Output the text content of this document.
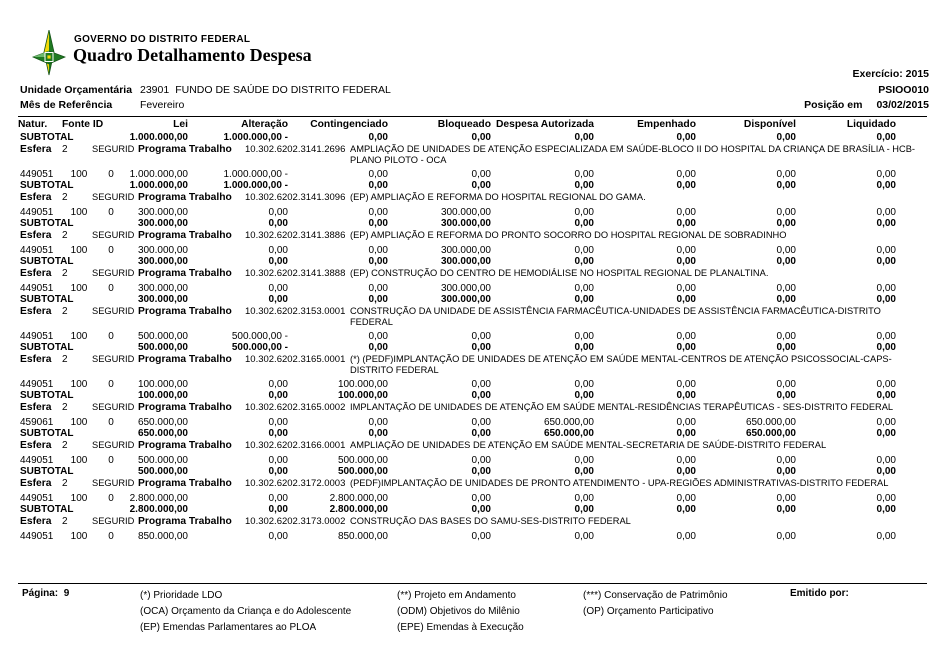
GOVERNO DO DISTRITO FEDERAL
Quadro Detalhamento Despesa
Exercício: 2015
Unidade Orçamentária 23901 FUNDO DE SAÚDE DO DISTRITO FEDERAL	PSIOO010
Mês de Referência	Fevereiro	Posição em 03/02/2015
Natur.	Fonte ID	Lei	Alteração	Contingenciado	Bloqueado Despesa Autorizada	Empenhado	Disponível	Liquidado
SUBTOTAL	1.000.000,00	1.000.000,00 -	0,00	0,00	0,00	0,00	0,00	0,00
Esfera	2	SEGURID Programa Trabalho	10.302.6202.3141.2696 AMPLIAÇÃO DE UNIDADES DE ATENÇÃO ESPECIALIZADA EM SAÚDE-BLOCO II DO HOSPITAL DA CRIANÇA DE BRASÍLIA - HCB- PLANO PILOTO - OCA
449051	100	0	1.000.000,00	1.000.000,00 -	0,00	0,00	0,00	0,00	0,00	0,00
SUBTOTAL	1.000.000,00	1.000.000,00 -	0,00	0,00	0,00	0,00	0,00	0,00
Esfera	2	SEGURID Programa Trabalho	10.302.6202.3141.3096 (EP) AMPLIAÇÃO E REFORMA DO HOSPITAL REGIONAL DO GAMA.
449051	100	0	300.000,00	0,00	0,00	300.000,00	0,00	0,00	0,00	0,00
SUBTOTAL	300.000,00	0,00	0,00	300.000,00	0,00	0,00	0,00	0,00
Esfera	2	SEGURID Programa Trabalho	10.302.6202.3141.3886 (EP) AMPLIAÇÃO E REFORMA DO PRONTO SOCORRO DO HOSPITAL REGIONAL DE SOBRADINHO
449051	100	0	300.000,00	0,00	0,00	300.000,00	0,00	0,00	0,00	0,00
SUBTOTAL	300.000,00	0,00	0,00	300.000,00	0,00	0,00	0,00	0,00
Esfera	2	SEGURID Programa Trabalho	10.302.6202.3141.3888 (EP) CONSTRUÇÃO DO CENTRO DE HEMODIÁLISE NO HOSPITAL REGIONAL DE PLANALTINA.
449051	100	0	300.000,00	0,00	0,00	300.000,00	0,00	0,00	0,00	0,00
SUBTOTAL	300.000,00	0,00	0,00	300.000,00	0,00	0,00	0,00	0,00
Esfera	2	SEGURID Programa Trabalho	10.302.6202.3153.0001 CONSTRUÇÃO DA UNIDADE DE ASSISTÊNCIA FARMACÊUTICA-UNIDADES DE ASSISTÊNCIA FARMACÊUTICA-DISTRITO FEDERAL
449051	100	0	500.000,00	500.000,00 -	0,00	0,00	0,00	0,00	0,00	0,00
SUBTOTAL	500.000,00	500.000,00 -	0,00	0,00	0,00	0,00	0,00	0,00
Esfera	2	SEGURID Programa Trabalho	10.302.6202.3165.0001 (*) (PEDF)IMPLANTAÇÃO DE UNIDADES DE ATENÇÃO EM SAÚDE MENTAL-CENTROS DE ATENÇÃO PSICOSSOCIAL-CAPS-DISTRITO FEDERAL
449051	100	0	100.000,00	0,00	100.000,00	0,00	0,00	0,00	0,00	0,00
SUBTOTAL	100.000,00	0,00	100.000,00	0,00	0,00	0,00	0,00	0,00
Esfera	2	SEGURID Programa Trabalho	10.302.6202.3165.0002 IMPLANTAÇÃO DE UNIDADES DE ATENÇÃO EM SAÚDE MENTAL-RESIDÊNCIAS TERAPÊUTICAS - SES-DISTRITO FEDERAL
459061	100	0	650.000,00	0,00	0,00	0,00	650.000,00	0,00	650.000,00	0,00
SUBTOTAL	650.000,00	0,00	0,00	0,00	650.000,00	0,00	650.000,00	0,00
Esfera	2	SEGURID Programa Trabalho	10.302.6202.3166.0001 AMPLIAÇÃO DE UNIDADES DE ATENÇÃO EM SAÚDE MENTAL-SECRETARIA DE SAÚDE-DISTRITO FEDERAL
449051	100	0	500.000,00	0,00	500.000,00	0,00	0,00	0,00	0,00	0,00
SUBTOTAL	500.000,00	0,00	500.000,00	0,00	0,00	0,00	0,00	0,00
Esfera	2	SEGURID Programa Trabalho	10.302.6202.3172.0003 (PEDF)IMPLANTAÇÃO DE UNIDADES DE PRONTO ATENDIMENTO - UPA-REGIÕES ADMINISTRATIVAS-DISTRITO FEDERAL
449051	100	0	2.800.000,00	0,00	2.800.000,00	0,00	0,00	0,00	0,00	0,00
SUBTOTAL	2.800.000,00	0,00	2.800.000,00	0,00	0,00	0,00	0,00	0,00
Esfera	2	SEGURID Programa Trabalho	10.302.6202.3173.0002 CONSTRUÇÃO DAS BASES DO SAMU-SES-DISTRITO FEDERAL
449051	100	0	850.000,00	0,00	850.000,00	0,00	0,00	0,00	0,00	0,00
Página: 9	(*) Prioridade LDO
(OCA) Orçamento da Criança e do Adolescente
(EP) Emendas Parlamentares ao PLOA
(**) Projeto em Andamento
(ODM) Objetivos do Milênio
(EPE) Emendas à Execução
(***) Conservação de Patrimônio
(OP) Orçamento Participativo
Emitido por:
